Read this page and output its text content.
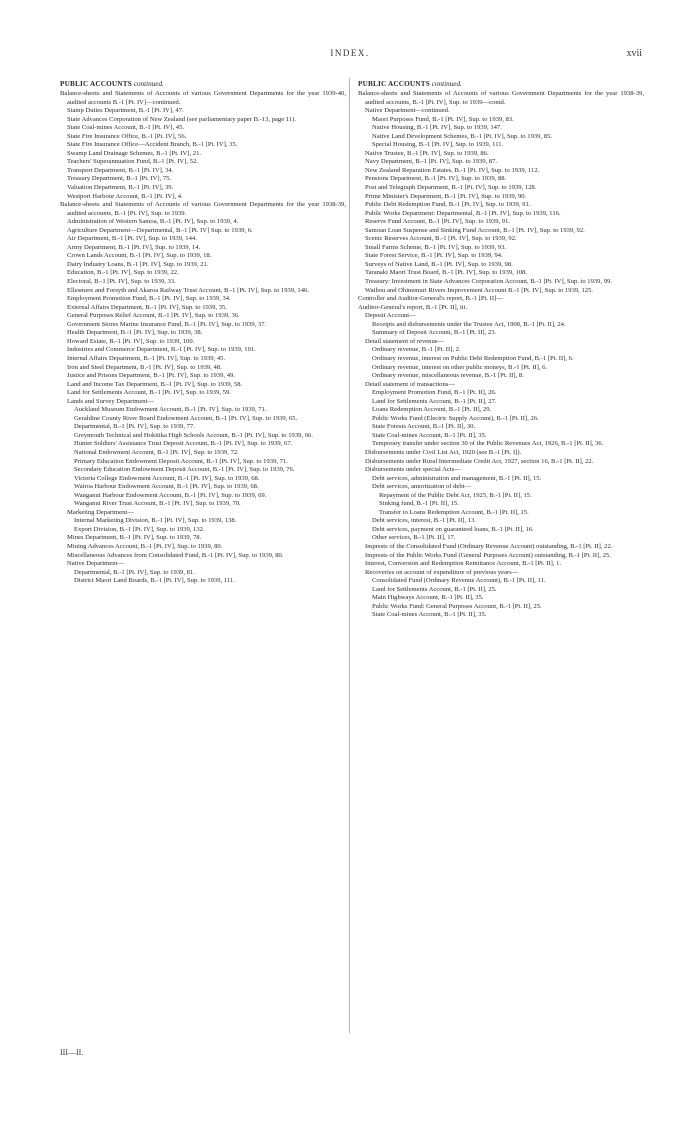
INDEX.	xvii
PUBLIC ACCOUNTS continued.
Balance-sheets and Statements of Accounts of various Government Departments for the year 1939-40, audited accounts B.-1 [Pt. IV]—continued.
Stamp Duties Department, B.-1 [Pt. IV], 47.
State Advances Corporation of New Zealand (see parliamentary paper B.-13, page 11).
State Coal-mines Account, B.-1 [Pt. IV], 45.
State Fire Insurance Office, B.-1 [Pt. IV], 56.
State Fire Insurance Office—Accident Branch, B.-1 [Pt. IV], 35.
Swamp Land Drainage Schemes, B.-1 [Pt. IV], 21.
Teachers' Superannuation Fund, B.-1 [Pt. IV], 52.
Transport Department, B.-1 [Pt. IV], 34.
Treasury Department, B.-1 [Pt. IV], 75.
Valuation Department, B.-1 [Pt. IV], 39.
Westport Harbour Account, B.-1 [Pt. IV], 4.
Balance-sheets and Statements of Accounts of various Government Departments for the year 1938-39, audited accounts, B.-1 [Pt. IV], Sup. to 1939.
Administration of Western Samoa, B.-1 [Pt. IV], Sup. to 1939, 4.
Agriculture Department—Departmental, B.-1 [Pt. IV] Sup. to 1939, 6.
Air Department, B.-1 [Pt. IV], Sup. to 1939, 144.
Army Department, B.-1 [Pt. IV], Sup. to 1939, 14.
Crown Lands Account, B.-1 [Pt. IV], Sup. to 1939, 18.
Dairy Industry Loans, B.-1 [Pt. IV], Sup. to 1939, 21.
Education, B.-1 [Pt. IV], Sup. to 1939, 22.
Electoral, B.-1 [Pt. IV], Sup. to 1939, 33.
Ellesmere and Forsyth and Akaroa Railway Trust Account, B.-1 [Pt. IV], Sup. to 1939, 146.
Employment Promotion Fund, B.-1 [Pt. IV], Sup. to 1939, 34.
External Affairs Department, B.-1 [Pt. IV], Sup. to 1939, 35.
General Purposes Relief Account, B.-1 [Pt. IV], Sup. to 1939, 36.
Government Stores Marine Insurance Fund, B.-1 [Pt. IV], Sup. to 1939, 37.
Health Department, B.-1 [Pt. IV], Sup. to 1939, 38.
Howard Estate, B.-1 [Pt. IV], Sup. to 1939, 100.
Industries and Commerce Department, B.-1 [Pt. IV], Sup. to 1939, 101.
Internal Affairs Department, B.-1 [Pt. IV], Sup. to 1939, 45.
Iron and Steel Department, B.-1 [Pt. IV], Sup. to 1939, 48.
Justice and Prisons Department, B.-1 [Pt. IV], Sup. to 1939, 49.
Land and Income Tax Department, B.-1 [Pt. IV], Sup. to 1939, 58.
Land for Settlements Account, B.-1 [Pt. IV], Sup. to 1939, 59.
Lands and Survey Department—
Auckland Museum Endowment Account, B.-1 [Pt. IV], Sup. to 1939, 71.
Geraldine County River Board Endowment Account, B.-1 [Pt. IV], Sup. to 1939, 65.
Departmental, B.-1 [Pt. IV], Sup. to 1939, 77.
Greymouth Technical and Hokitika High Schools Account, B.-1 [Pt. IV], Sup. to 1939, 66.
Hunter Soldiers' Assistance Trust Deposit Account, B.-1 [Pt. IV], Sup. to 1939, 67.
National Endowment Account, B.-1 [Pt. IV], Sup. to 1939, 72.
Primary Education Endowment Deposit Account, B.-1 [Pt. IV], Sup. to 1939, 71.
Secondary Education Endowment Deposit Account, B.-1 [Pt. IV], Sup. to 1939, 76.
Victoria College Endowment Account, B.-1 [Pt. IV], Sup. to 1939, 68.
Wairoa Harbour Endowment Account, B.-1 [Pt. IV], Sup. to 1939, 68.
Wanganui Harbour Endowment Account, B.-1 [Pt. IV], Sup. to 1939, 69.
Wanganui River Trust Account, B.-1 [Pt. IV], Sup. to 1939, 70.
Marketing Department—
Internal Marketing Division, B.-1 [Pt. IV], Sup. to 1939, 138.
Export Division, B.-1 [Pt. IV], Sup. to 1939, 132.
Mines Department, B.-1 [Pt. IV], Sup. to 1939, 78.
Mining Advances Account, B.-1 [Pt. IV], Sup. to 1939, 80.
Miscellaneous Advances from Consolidated Fund, B.-1 [Pt. IV], Sup. to 1939, 80.
Native Department—
Departmental, B.-1 [Pt. IV], Sup. to 1939, 81.
District Maori Land Boards, B.-1 [Pt. IV], Sup. to 1939, 111.
PUBLIC ACCOUNTS continued.
Balance-sheets and Statements of Accounts of various Government Departments for the year 1938-39, audited accounts, B.-1 [Pt. IV], Sup. to 1939—contd.
Native Department—continued.
Maori Purposes Fund, B.-1 [Pt. IV], Sup. to 1939, 83.
Native Housing, B.-1 [Pt. IV], Sup. to 1939, 147.
Native Land Development Schemes, B.-1 [Pt. IV], Sup. to 1939, 85.
Special Housing, B.-1 [Pt. IV], Sup. to 1939, 111.
Native Trustee, B.-1 [Pt. IV], Sup. to 1939, 86.
Navy Department, B.-1 [Pt. IV], Sup. to 1939, 87.
New Zealand Reparation Estates, B.-1 [Pt. IV], Sup. to 1939, 112.
Pensions Department, B.-1 [Pt. IV], Sup. to 1939, 88.
Post and Telegraph Department, B.-1 [Pt. IV], Sup. to 1939, 128.
Prime Minister's Department, B.-1 [Pt. IV], Sup. to 1939, 90.
Public Debt Redemption Fund, B.-1 [Pt. IV], Sup. to 1939, 91.
Public Works Department: Departmental, B.-1 [Pt. IV], Sup. to 1939, 116.
Reserve Fund Account, B.-1 [Pt. IV], Sup. to 1939, 91.
Samoan Loan Suspense and Sinking Fund Account, B.-1 [Pt. IV], Sup. to 1939, 92.
Scenic Reserves Account, B.-1 [Pt. IV], Sup. to 1939, 92.
Small Farms Scheme, B.-1 [Pt. IV], Sup. to 1939, 93.
State Forest Service, B.-1 [Pt. IV], Sup. to 1939, 94.
Surveys of Native Land, B.-1 [Pt. IV], Sup. to 1939, 98.
Taranaki Maori Trust Board, B.-1 [Pt. IV], Sup. to 1939, 108.
Treasury: Investment in State Advances Corporation Account, B.-1 [Pt. IV], Sup. to 1939, 99.
Waihou and Ohinemuri Rivers Improvement Account B.-1 [Pt. IV], Sup. to 1939, 125.
Controller and Auditor-General's report, B.-1 [Pt. II]—
Auditor-General's report, B.-1 [Pt. II], iii.
Deposit Account—
Receipts and disbursements under the Trustee Act, 1908, B.-1 [Pt. II], 24.
Summary of Deposit Account, B.-1 [Pt. II], 23.
Detail statement of revenue—
Ordinary revenue, B.-1 [Pt. II], 2.
Ordinary revenue, interest on Public Debt Redemption Fund, B.-1 [Pt. II], 6.
Ordinary revenue, interest on other public moneys, B.-1 [Pt. II], 6.
Ordinary revenue, miscellaneous revenue, B.-1 [Pt. II], 8.
Detail statement of transactions—
Employment Promotion Fund, B.-1 [Pt. II], 26.
Land for Settlements Account, B.-1 [Pt. II], 27.
Loans Redemption Account, B.-1 [Pt. II], 29.
Public Works Fund (Electric Supply Account), B.-1 [Pt. II], 26.
State Forests Account, B.-1 [Pt. II], 30.
State Coal-mines Account, B.-1 [Pt. II], 35.
Temporary transfer under section 30 of the Public Revenues Act, 1926, B.-1 [Pt. II], 36.
Disbursements under Civil List Act, 1920 (see B.-1 [Pt. I]).
Disbursements under Rural Intermediate Credit Act, 1927, section 16, B.-1 [Pt. II], 22.
Disbursements under special Acts—
Debt services, administration and management, B.-1 [Pt. II], 15.
Debt services, amortization of debt—
Repayment of the Public Debt Act, 1925, B.-1 [Pt. II], 15.
Sinking fund, B.-1 [Pt. II], 15.
Transfer to Loans Redemption Account, B.-1 [Pt. II], 15.
Debt services, interest, B.-1 [Pt. II], 13.
Debt services, payment on guaranteed loans, B.-1 [Pt. II], 16.
Other services, B.-1 [Pt. II], 17.
Imprests of the Consolidated Fund (Ordinary Revenue Account) outstanding, B.-1 [Pt. II], 22.
Imprests of the Public Works Fund (General Purposes Account) outstanding, B.-1 [Pt. II], 25.
Interest, Conversion and Redemption Remittance Account, B.-1 [Pt. II], 1.
Recoveries on account of expenditure of previous years—
Consolidated Fund (Ordinary Revenue Account), B.-1 [Pt. II], 11.
Land for Settlements Account, B.-1 [Pt. II], 25.
Main Highways Account, B.-1 [Pt. II], 35.
Public Works Fund: General Purposes Account, B.-1 [Pt. II], 25.
State Coal-mines Account, B.-1 [Pt. II], 35.
III—II.
